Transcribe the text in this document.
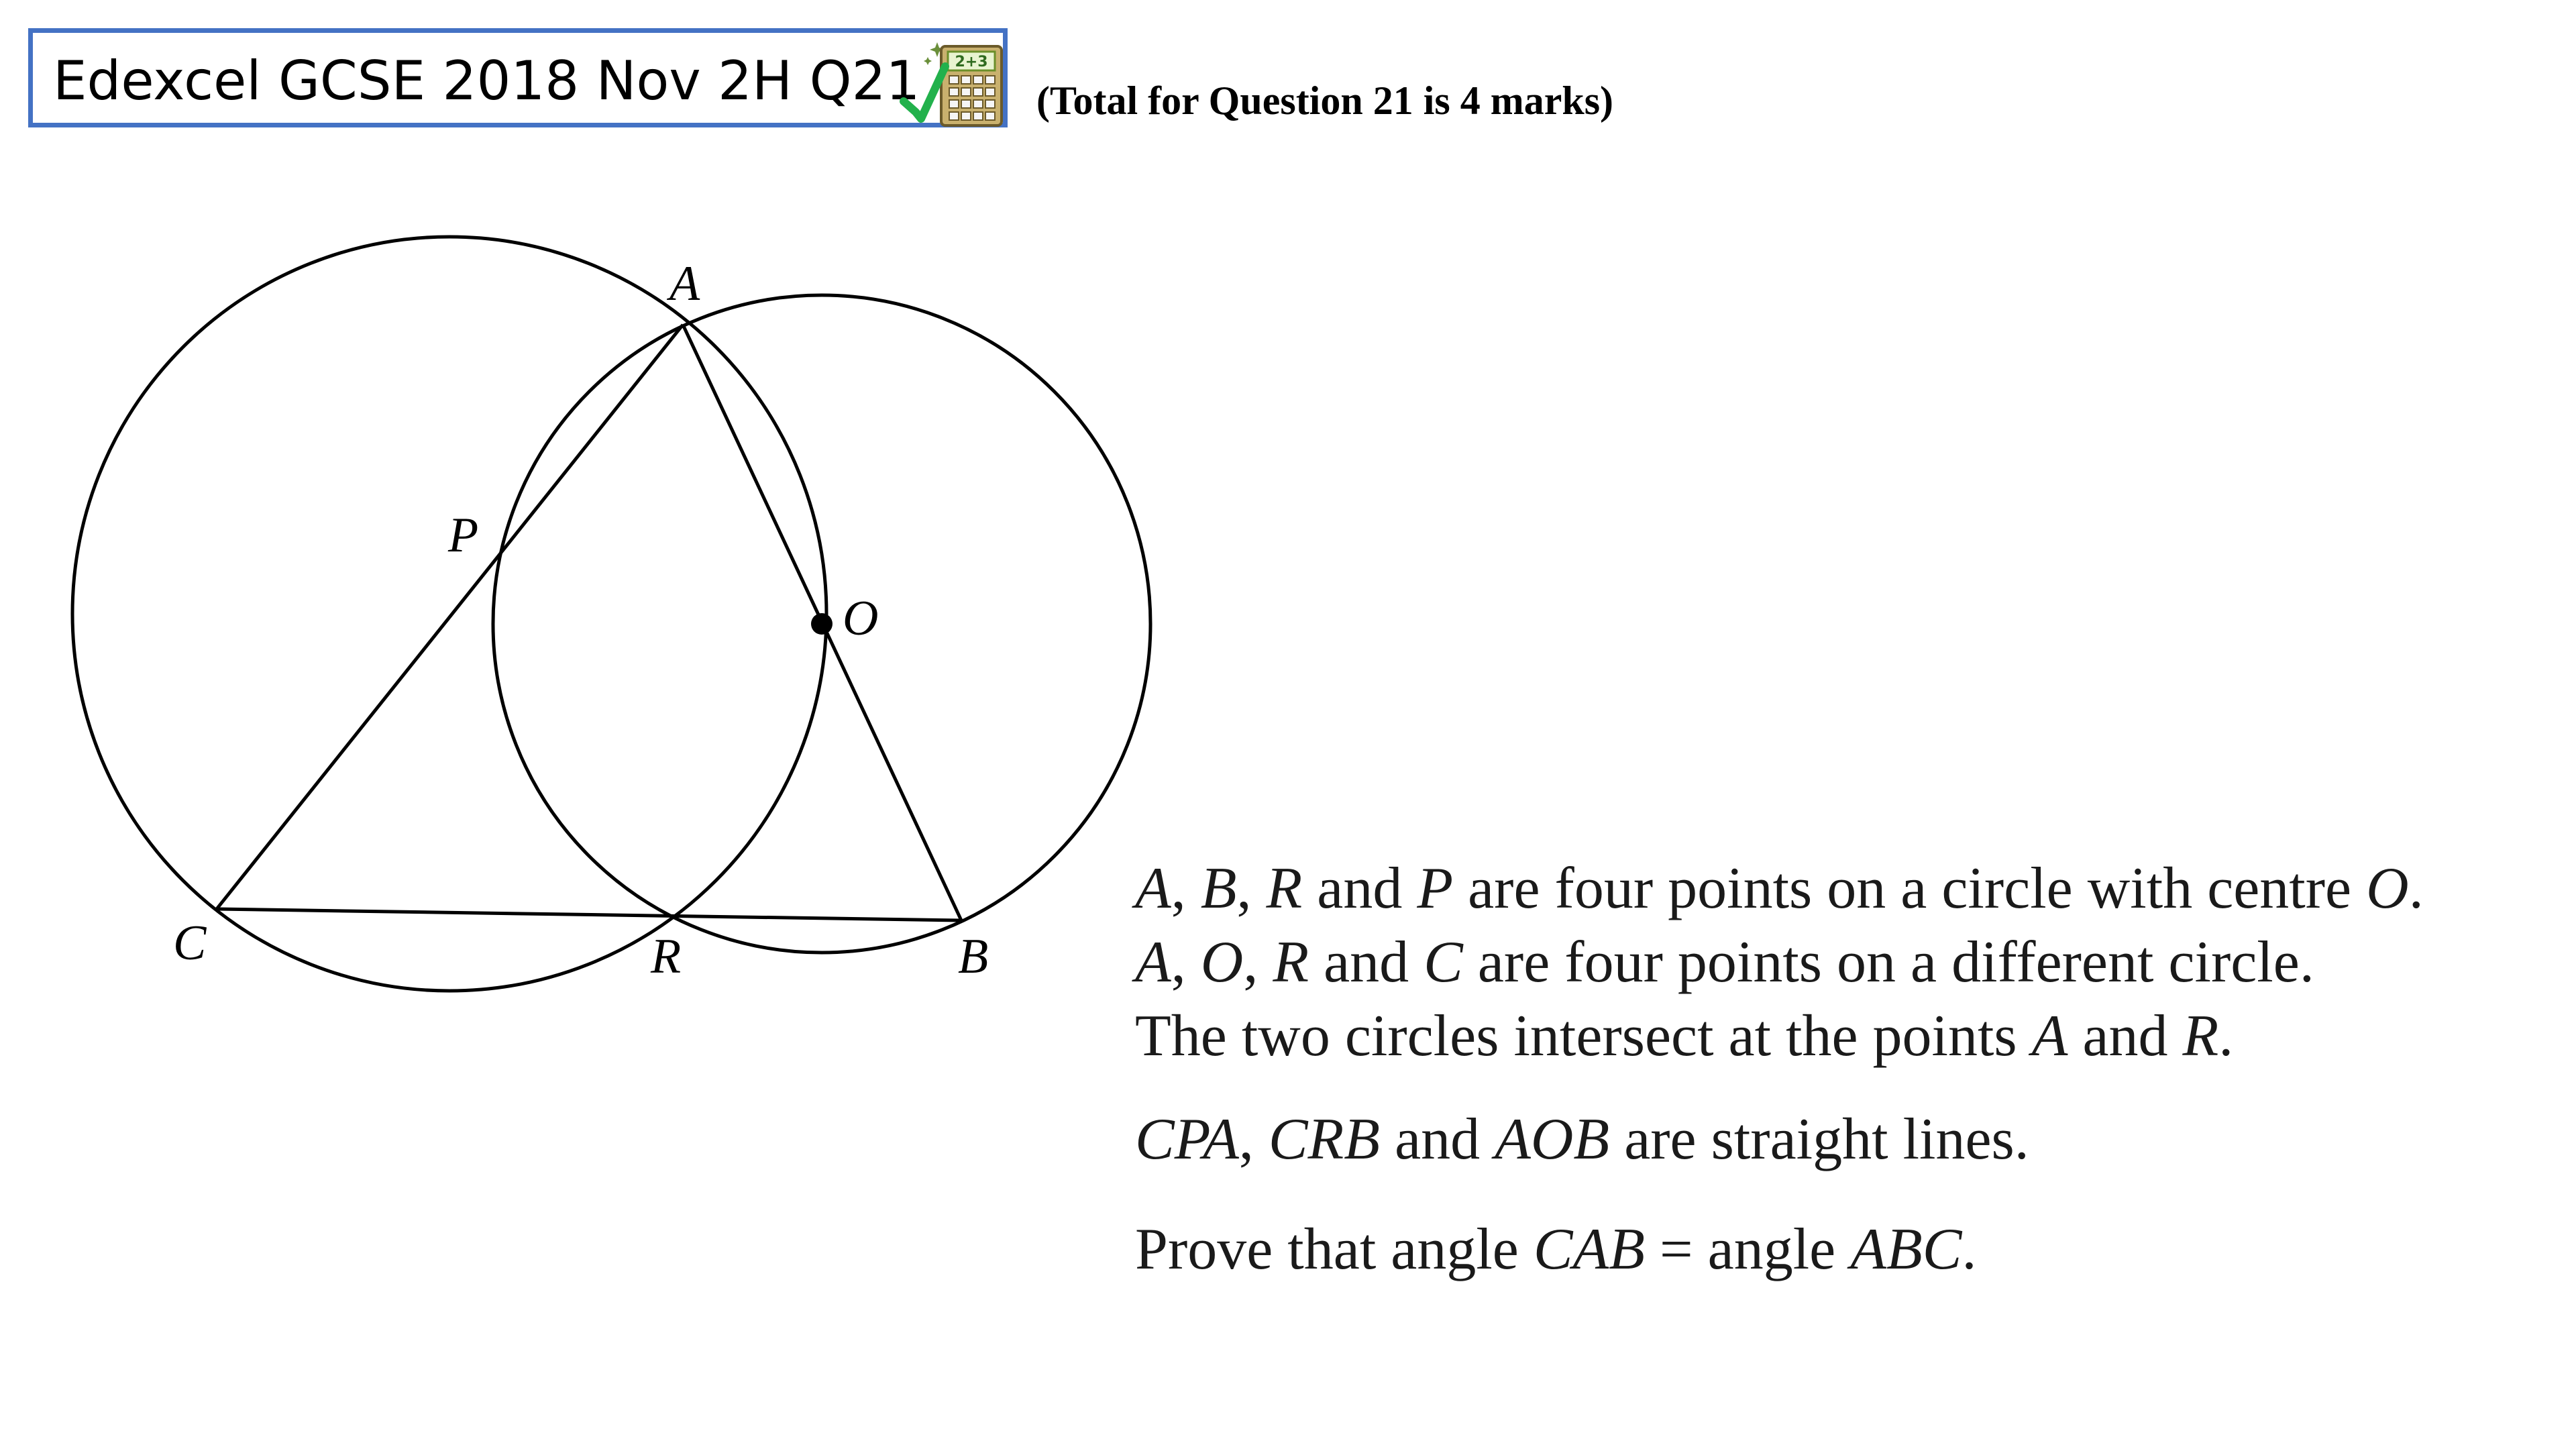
Edexcel GCSE 2018 Nov 2H Q21 2+3
(Total for Question 21 is 4 marks)
A
P
O
C	R	B

A, B, R and P are four points on a circle with centre O.

A, O, R and C are four points on a different circle.

The two circles intersect at the points A and R.

CPA, CRB and AOB are straight lines.

Prove that angle CAB = angle ABC.
